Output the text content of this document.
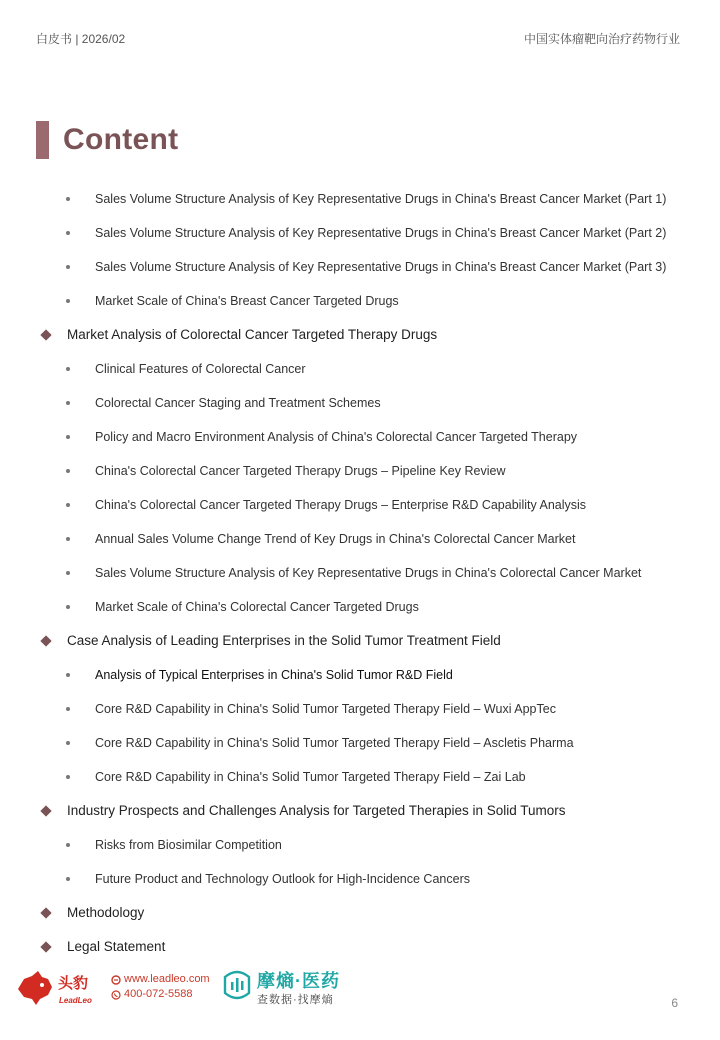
白皮书 | 2026/02	中国实体瘤靶向治疗药物行业
Content
Sales Volume Structure Analysis of Key Representative Drugs in China's Breast Cancer Market (Part 1)
Sales Volume Structure Analysis of Key Representative Drugs in China's Breast Cancer Market (Part 2)
Sales Volume Structure Analysis of Key Representative Drugs in China's Breast Cancer Market (Part 3)
Market Scale of China's Breast Cancer Targeted Drugs
Market Analysis of Colorectal Cancer Targeted Therapy Drugs
Clinical Features of Colorectal Cancer
Colorectal Cancer Staging and Treatment Schemes
Policy and Macro Environment Analysis of China's Colorectal Cancer Targeted Therapy
China's Colorectal Cancer Targeted Therapy Drugs – Pipeline Key Review
China's Colorectal Cancer Targeted Therapy Drugs – Enterprise R&D Capability Analysis
Annual Sales Volume Change Trend of Key Drugs in China's Colorectal Cancer Market
Sales Volume Structure Analysis of Key Representative Drugs in China's Colorectal Cancer Market
Market Scale of China's Colorectal Cancer Targeted Drugs
Case Analysis of Leading Enterprises in the Solid Tumor Treatment Field
Analysis of Typical Enterprises in China's Solid Tumor R&D Field
Core R&D Capability in China's Solid Tumor Targeted Therapy Field – Wuxi AppTec
Core R&D Capability in China's Solid Tumor Targeted Therapy Field – Ascletis Pharma
Core R&D Capability in China's Solid Tumor Targeted Therapy Field – Zai Lab
Industry Prospects and Challenges Analysis for Targeted Therapies in Solid Tumors
Risks from Biosimilar Competition
Future Product and Technology Outlook for High-Incidence Cancers
Methodology
Legal Statement
头豹
LeadLeo
www.leadleo.com
400-072-5588
摩熵·医药
查数据·找摩熵	6
